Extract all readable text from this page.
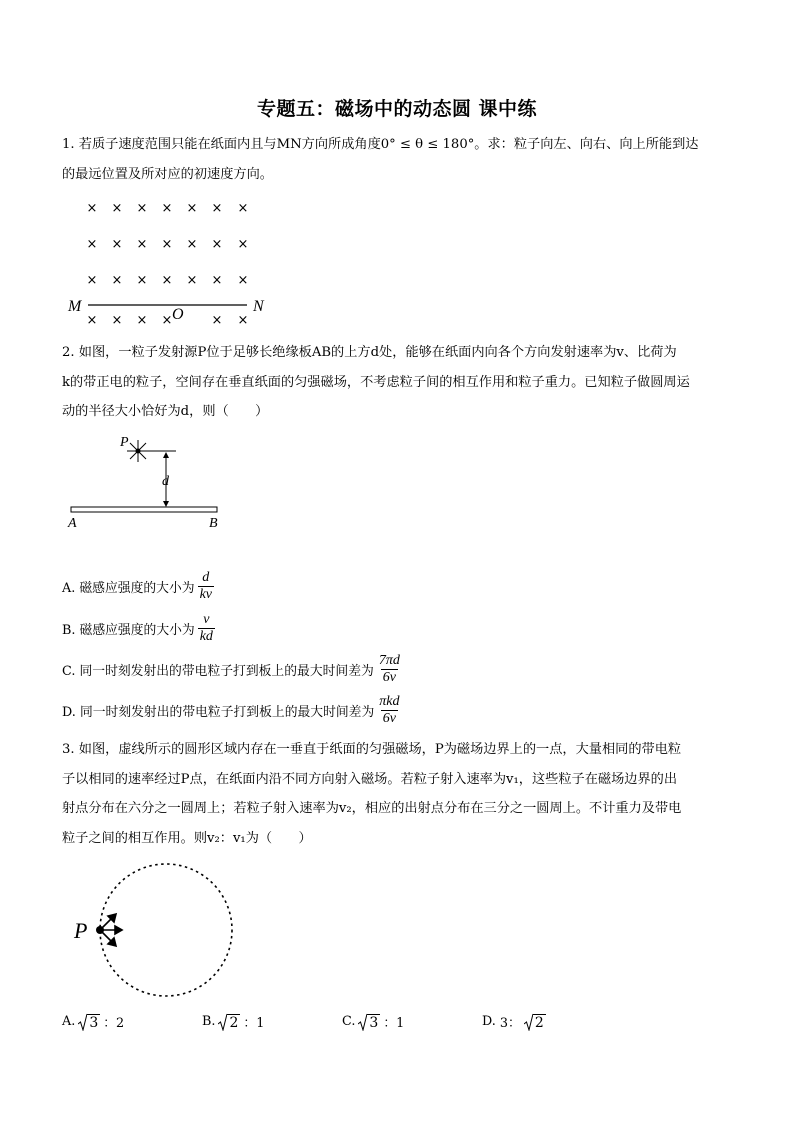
专题五：磁场中的动态圆 课中练
1. 若质子速度范围只能在纸面内且与MN方向所成角度0° ≤ θ ≤ 180°。求：粒子向左、向右、向上所能到达
的最远位置及所对应的初速度方向。
× × × × × × ×
× × × × × × ×
× × × × × × ×
× × × ×	× ×
M	N
O
2. 如图，一粒子发射源P位于足够长绝缘板AB的上方d处，能够在纸面内向各个方向发射速率为v、比荷为
k的带正电的粒子，空间存在垂直纸面的匀强磁场，不考虑粒子间的相互作用和粒子重力。已知粒子做圆周运
动的半径大小恰好为d，则（　　）
P
d
A	B
A. 磁感应强度的大小为 $\frac{d}{kv}$
B. 磁感应强度的大小为 $\frac{v}{kd}$
C. 同一时刻发射出的带电粒子打到板上的最大时间差为 $\frac{7\pi d}{6v}$
D. 同一时刻发射出的带电粒子打到板上的最大时间差为 $\frac{\text{πkd}}{6v}$
3. 如图，虚线所示的圆形区域内存在一垂直于纸面的匀强磁场，P为磁场边界上的一点，大量相同的带电粒
子以相同的速率经过P点，在纸面内沿不同方向射入磁场。若粒子射入速率为v₁，这些粒子在磁场边界的出
射点分布在六分之一圆周上；若粒子射入速率为v₂，相应的出射点分布在三分之一圆周上。不计重力及带电
粒子之间的相互作用。则v₂：v₁为（　　）
P
A. 3 ：2	B. 2 ：1	C. 3 ：1	D. 3： 2
